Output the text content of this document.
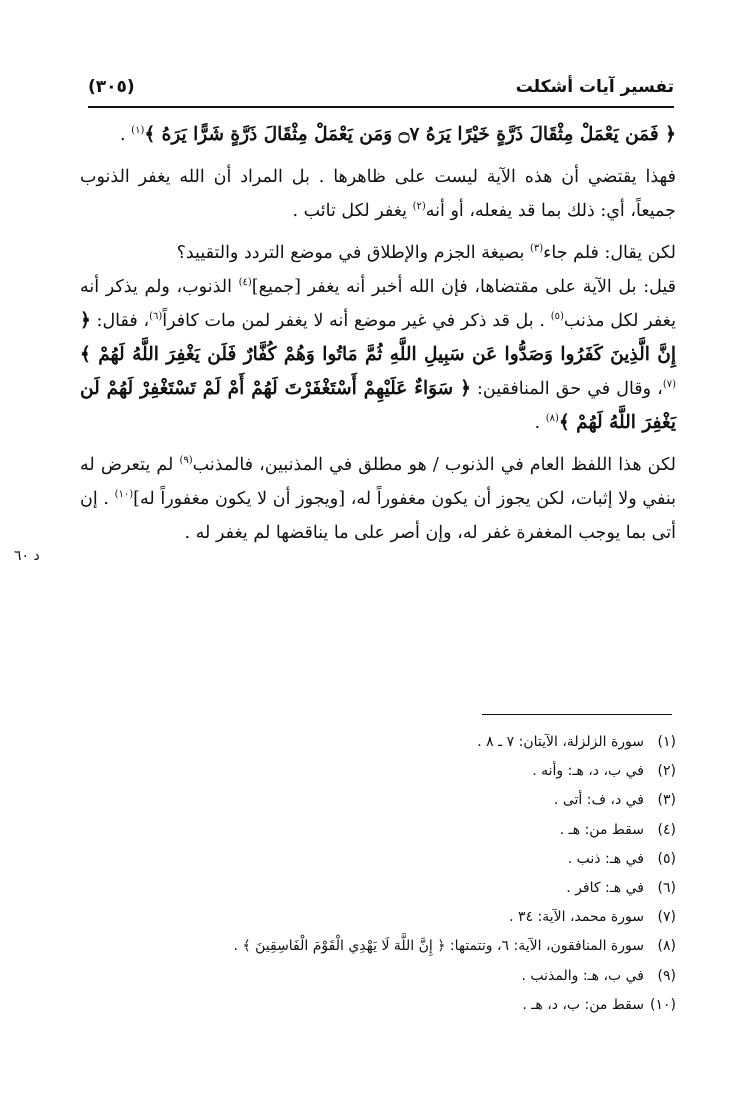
تفسير آيات أشكلت
(٣٠٥)

﴿ فَمَن يَعْمَلْ مِثْقَالَ ذَرَّةٍ خَيْرًا يَرَهُ ۝٧ وَمَن يَعْمَلْ مِثْقَالَ ذَرَّةٍ شَرًّا يَرَهُ ﴾$^{(١)}$ .

فهذا يقتضي أن هذه الآية ليست على ظاهرها . بل المراد أن الله يغفر الذنوب جميعاً، أي: ذلك بما قد يفعله، أو أنه$^{(٢)}$ يغفر لكل تائب .

لكن يقال: فلم جاء$^{(٣)}$ بصيغة الجزم والإطلاق في موضع التردد والتقييد؟

قيل: بل الآية على مقتضاها، فإن الله أخبر أنه يغفر [جميع]$^{(٤)}$ الذنوب، ولم يذكر أنه يغفر لكل مذنب$^{(٥)}$ . بل قد ذكر في غير موضع أنه لا يغفر لمن مات كافراً$^{(٦)}$، فقال: ﴿ إِنَّ الَّذِينَ كَفَرُوا وَصَدُّوا عَن سَبِيلِ اللَّهِ ثُمَّ مَاتُوا وَهُمْ كُفَّارٌ فَلَن يَغْفِرَ اللَّهُ لَهُمْ ﴾$^{(٧)}$، وقال في حق المنافقين: ﴿ سَوَاءٌ عَلَيْهِمْ أَسْتَغْفَرْتَ لَهُمْ أَمْ لَمْ تَسْتَغْفِرْ لَهُمْ لَن يَغْفِرَ اللَّهُ لَهُمْ ﴾$^{(٨)}$ .

لكن هذا اللفظ العام في الذنوب / هو مطلق في المذنبين، فالمذنب$^{(٩)}$ لم يتعرض له بنفي ولا إثبات، لكن يجوز أن يكون مغفوراً له، [ويجوز أن لا يكون مغفوراً له]$^{(١٠)}$ . إن أتى بما يوجب المغفرة غفر له، وإن أصر على ما يناقضها لم يغفر له .

د ٦٠
(١)سورة الزلزلة، الآيتان: ٧ ـ ٨ .
(٢)في ب، د، هـ: وأنه .
(٣)في د، ف: أتى .
(٤)سقط من: هـ .
(٥)في هـ: ذنب .
(٦)في هـ: كافر .
(٧)سورة محمد، الآية: ٣٤ .
(٨)سورة المنافقون، الآية: ٦، وتتمتها: ﴿ إِنَّ اللَّهَ لَا يَهْدِي الْقَوْمَ الْفَاسِقِينَ ﴾ .
(٩)في ب، هـ: والمذنب .
(١٠)سقط من: ب، د، هـ .
